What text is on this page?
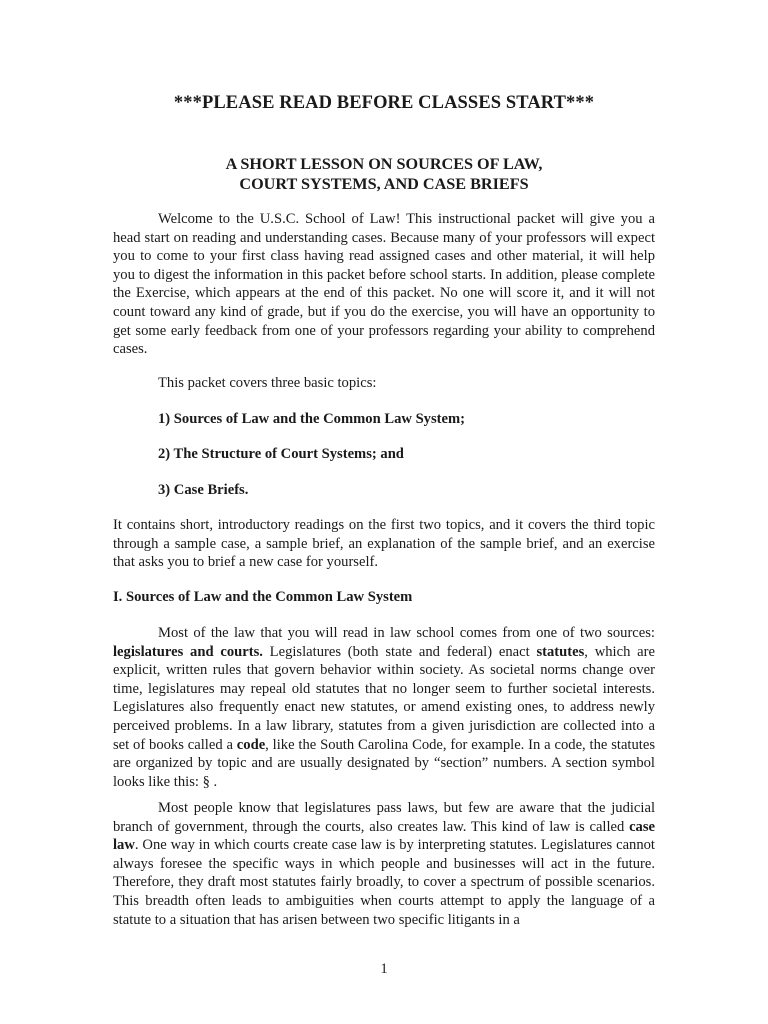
***PLEASE READ BEFORE CLASSES START***
A SHORT LESSON ON SOURCES OF LAW,
COURT SYSTEMS, AND CASE BRIEFS

Welcome to the U.S.C. School of Law! This instructional packet will give you a head start on reading and understanding cases. Because many of your professors will expect you to come to your first class having read assigned cases and other material, it will help you to digest the information in this packet before school starts. In addition, please complete the Exercise, which appears at the end of this packet. No one will score it, and it will not count toward any kind of grade, but if you do the exercise, you will have an opportunity to get some early feedback from one of your professors regarding your ability to comprehend cases.

This packet covers three basic topics:

1) Sources of Law and the Common Law System;

2) The Structure of Court Systems; and

3) Case Briefs.

It contains short, introductory readings on the first two topics, and it covers the third topic through a sample case, a sample brief, an explanation of the sample brief, and an exercise that asks you to brief a new case for yourself.

I. Sources of Law and the Common Law System

Most of the law that you will read in law school comes from one of two sources: legislatures and courts. Legislatures (both state and federal) enact statutes, which are explicit, written rules that govern behavior within society. As societal norms change over time, legislatures may repeal old statutes that no longer seem to further societal interests. Legislatures also frequently enact new statutes, or amend existing ones, to address newly perceived problems. In a law library, statutes from a given jurisdiction are collected into a set of books called a code, like the South Carolina Code, for example. In a code, the statutes are organized by topic and are usually designated by “section” numbers. A section symbol looks like this: § .

Most people know that legislatures pass laws, but few are aware that the judicial branch of government, through the courts, also creates law. This kind of law is called case law. One way in which courts create case law is by interpreting statutes. Legislatures cannot always foresee the specific ways in which people and businesses will act in the future. Therefore, they draft most statutes fairly broadly, to cover a spectrum of possible scenarios. This breadth often leads to ambiguities when courts attempt to apply the language of a statute to a situation that has arisen between two specific litigants in a

1
